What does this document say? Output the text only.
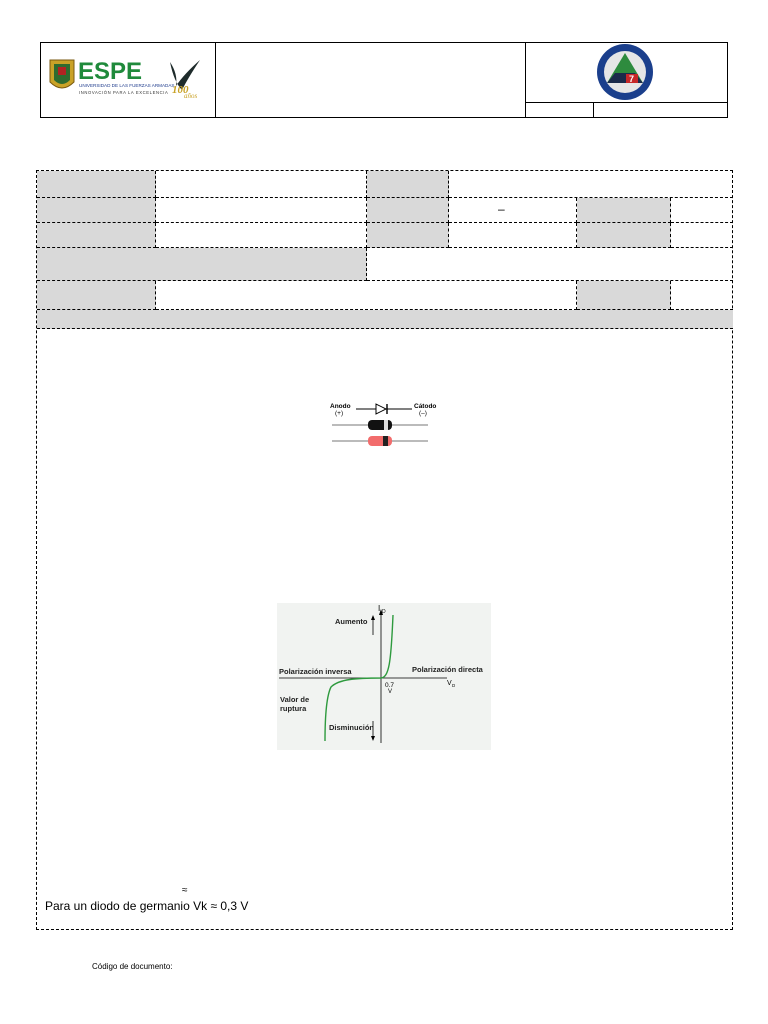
ESPE
UNIVERSIDAD DE LAS FUERZAS ARMADAS
INNOVACIÓN PARA LA EXCELENCIA 100
años
7
–
Anodo
(+)
Cátodo
(–)
I D
V D
Aumento
Polarización inversa	Polarización directa
Valor de
ruptura
Disminución
0.7
V
≈
Para un diodo de germanio Vk ≈ 0,3 V
Código de documento:
